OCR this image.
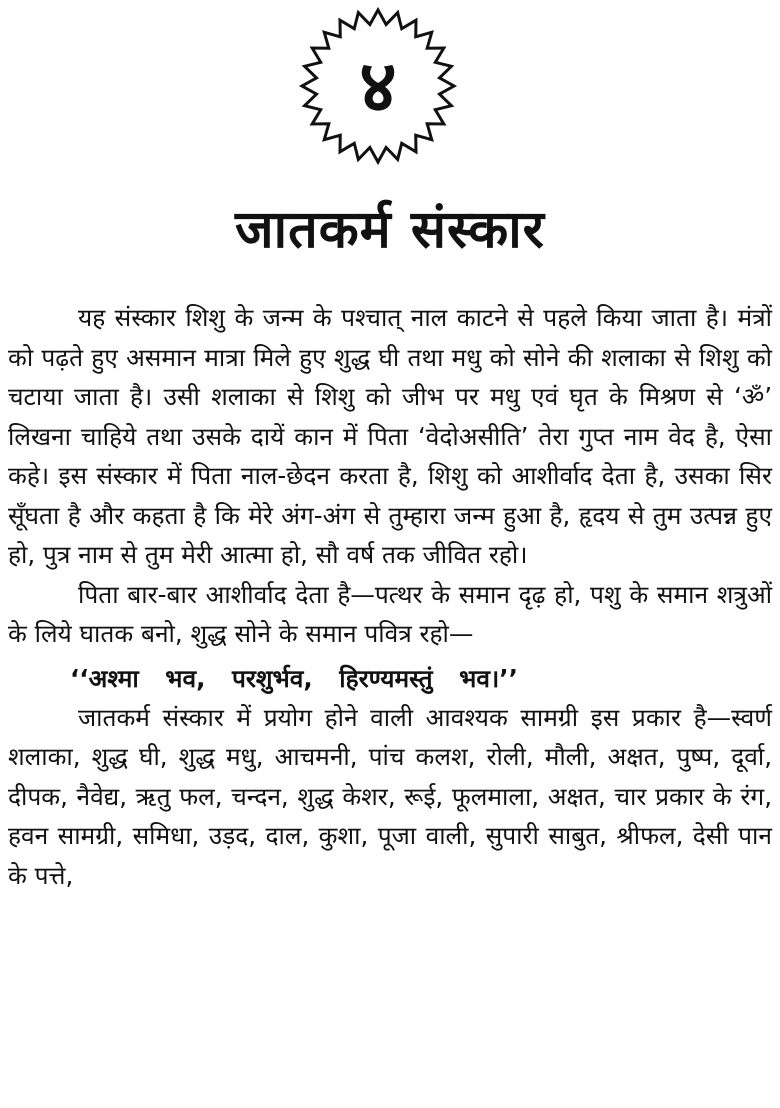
४
जातकर्म संस्कार

यह संस्कार शिशु के जन्म के पश्चात् नाल काटने से पहले किया जाता है। मंत्रों को पढ़ते हुए असमान मात्रा मिले हुए शुद्ध घी तथा मधु को सोने की शलाका से शिशु को चटाया जाता है। उसी शलाका से शिशु को जीभ पर मधु एवं घृत के मिश्रण से ‘ॐ’ लिखना चाहिये तथा उसके दायें कान में पिता ‘वेदोअसीति’ तेरा गुप्त नाम वेद है, ऐसा कहे। इस संस्कार में पिता नाल-छेदन करता है, शिशु को आशीर्वाद देता है, उसका सिर सूँघता है और कहता है कि मेरे अंग-अंग से तुम्हारा जन्म हुआ है, हृदय से तुम उत्पन्न हुए हो, पुत्र नाम से तुम मेरी आत्मा हो, सौ वर्ष तक जीवित रहो।

पिता बार-बार आशीर्वाद देता है—पत्थर के समान दृढ़ हो, पशु के समान शत्रुओं के लिये घातक बनो, शुद्ध सोने के समान पवित्र रहो—

‘‘अश्मा भव, परशुर्भव, हिरण्यमस्तुं भव।’’

जातकर्म संस्कार में प्रयोग होने वाली आवश्यक सामग्री इस प्रकार है—स्वर्ण शलाका, शुद्ध घी, शुद्ध मधु, आचमनी, पांच कलश, रोली, मौली, अक्षत, पुष्प, दूर्वा, दीपक, नैवेद्य, ऋतु फल, चन्दन, शुद्ध केशर, रूई, फूलमाला, अक्षत, चार प्रकार के रंग, हवन सामग्री, समिधा, उड़द, दाल, कुशा, पूजा वाली, सुपारी साबुत, श्रीफल, देसी पान के पत्ते,
